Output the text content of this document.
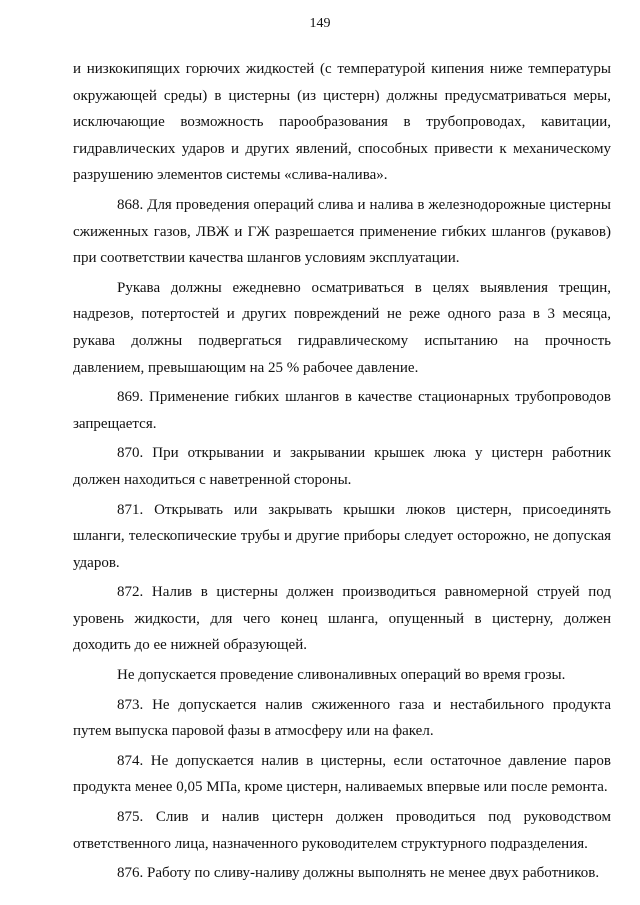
149

и низкокипящих горючих жидкостей (с температурой кипения ниже температуры окружающей среды) в цистерны (из цистерн) должны предусматриваться меры, исключающие возможность парообразования в трубопроводах, кавитации, гидравлических ударов и других явлений, способных привести к механическому разрушению элементов системы «слива-налива».

868. Для проведения операций слива и налива в железнодорожные цистерны сжиженных газов, ЛВЖ и ГЖ разрешается применение гибких шлангов (рукавов) при соответствии качества шлангов условиям эксплуатации.

Рукава должны ежедневно осматриваться в целях выявления трещин, надрезов, потертостей и других повреждений не реже одного раза в 3 месяца, рукава должны подвергаться гидравлическому испытанию на прочность давлением, превышающим на 25 % рабочее давление.

869. Применение гибких шлангов в качестве стационарных трубопроводов запрещается.

870. При открывании и закрывании крышек люка у цистерн работник должен находиться с наветренной стороны.

871. Открывать или закрывать крышки люков цистерн, присоединять шланги, телескопические трубы и другие приборы следует осторожно, не допуская ударов.

872. Налив в цистерны должен производиться равномерной струей под уровень жидкости, для чего конец шланга, опущенный в цистерну, должен доходить до ее нижней образующей.

Не допускается проведение сливоналивных операций во время грозы.

873. Не допускается налив сжиженного газа и нестабильного продукта путем выпуска паровой фазы в атмосферу или на факел.

874. Не допускается налив в цистерны, если остаточное давление паров продукта менее 0,05 МПа, кроме цистерн, наливаемых впервые или после ремонта.

875. Слив и налив цистерн должен проводиться под руководством ответственного лица, назначенного руководителем структурного подразделения.

876. Работу по сливу-наливу должны выполнять не менее двух работников.
